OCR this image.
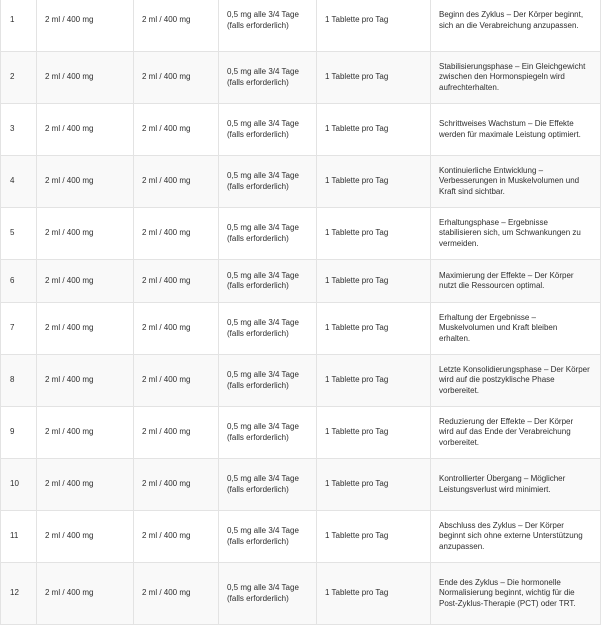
1	2 ml / 400 mg	2 ml / 400 mg	0,5 mg alle 3/4 Tage (falls erforderlich)	1 Tablette pro Tag	Beginn des Zyklus – Der Körper beginnt, sich an die Verabreichung anzupassen.
2	2 ml / 400 mg	2 ml / 400 mg	0,5 mg alle 3/4 Tage (falls erforderlich)	1 Tablette pro Tag	Stabilisierungsphase – Ein Gleichgewicht zwischen den Hormonspiegeln wird aufrechterhalten.
3	2 ml / 400 mg	2 ml / 400 mg	0,5 mg alle 3/4 Tage (falls erforderlich)	1 Tablette pro Tag	Schrittweises Wachstum – Die Effekte werden für maximale Leistung optimiert.
4	2 ml / 400 mg	2 ml / 400 mg	0,5 mg alle 3/4 Tage (falls erforderlich)	1 Tablette pro Tag	Kontinuierliche Entwicklung – Verbesserungen in Muskelvolumen und Kraft sind sichtbar.
5	2 ml / 400 mg	2 ml / 400 mg	0,5 mg alle 3/4 Tage (falls erforderlich)	1 Tablette pro Tag	Erhaltungsphase – Ergebnisse stabilisieren sich, um Schwankungen zu vermeiden.
6	2 ml / 400 mg	2 ml / 400 mg	0,5 mg alle 3/4 Tage (falls erforderlich)	1 Tablette pro Tag	Maximierung der Effekte – Der Körper nutzt die Ressourcen optimal.
7	2 ml / 400 mg	2 ml / 400 mg	0,5 mg alle 3/4 Tage (falls erforderlich)	1 Tablette pro Tag	Erhaltung der Ergebnisse – Muskelvolumen und Kraft bleiben erhalten.
8	2 ml / 400 mg	2 ml / 400 mg	0,5 mg alle 3/4 Tage (falls erforderlich)	1 Tablette pro Tag	Letzte Konsolidierungsphase – Der Körper wird auf die postzyklische Phase vorbereitet.
9	2 ml / 400 mg	2 ml / 400 mg	0,5 mg alle 3/4 Tage (falls erforderlich)	1 Tablette pro Tag	Reduzierung der Effekte – Der Körper wird auf das Ende der Verabreichung vorbereitet.
10	2 ml / 400 mg	2 ml / 400 mg	0,5 mg alle 3/4 Tage (falls erforderlich)	1 Tablette pro Tag	Kontrollierter Übergang – Möglicher Leistungsverlust wird minimiert.
11	2 ml / 400 mg	2 ml / 400 mg	0,5 mg alle 3/4 Tage (falls erforderlich)	1 Tablette pro Tag	Abschluss des Zyklus – Der Körper beginnt sich ohne externe Unterstützung anzupassen.
12	2 ml / 400 mg	2 ml / 400 mg	0,5 mg alle 3/4 Tage (falls erforderlich)	1 Tablette pro Tag	Ende des Zyklus – Die hormonelle Normalisierung beginnt, wichtig für die Post-Zyklus-Therapie (PCT) oder TRT.
